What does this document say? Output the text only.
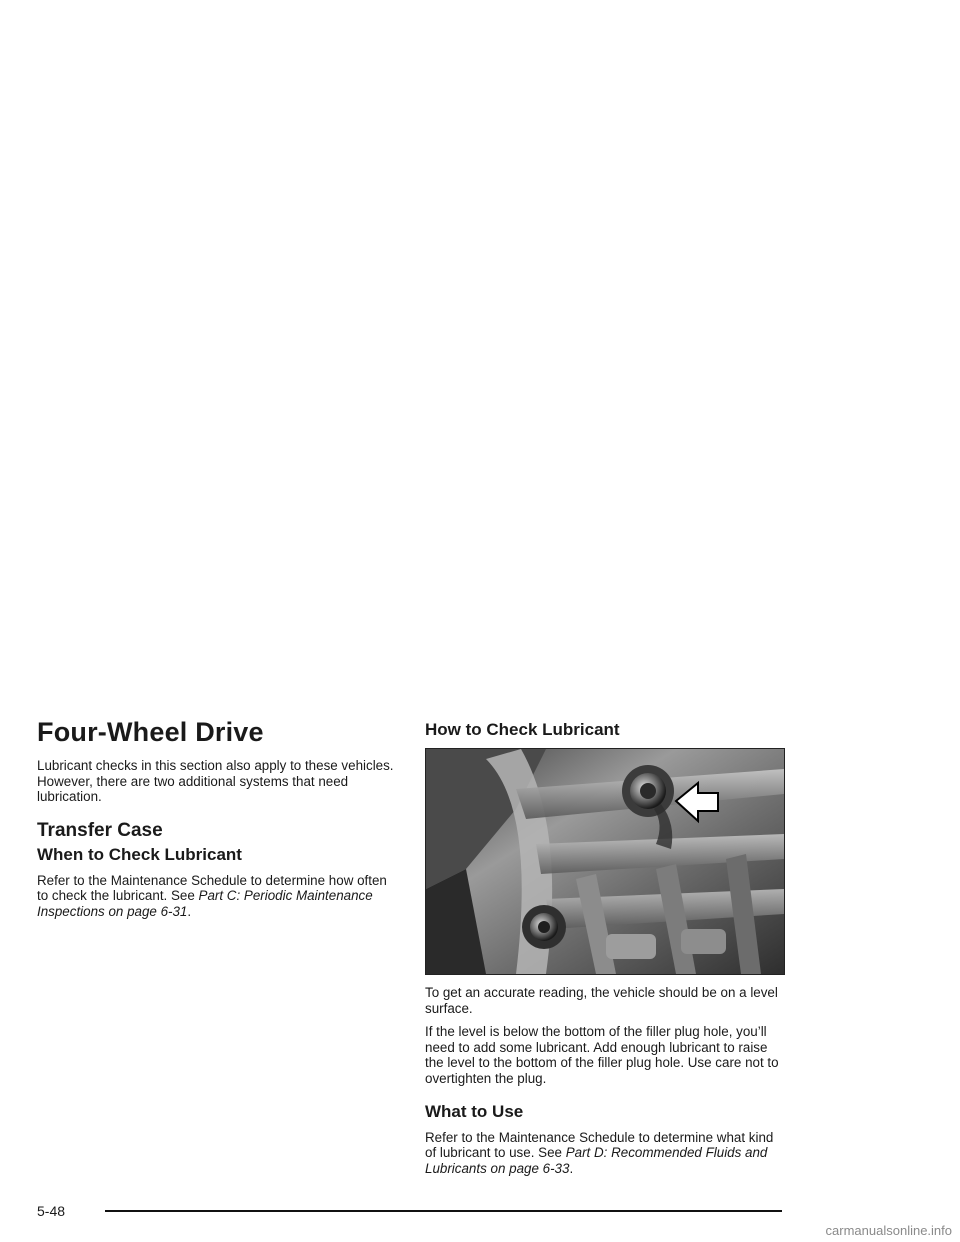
Four-Wheel Drive

Lubricant checks in this section also apply to these vehicles. However, there are two additional systems that need lubrication.

Transfer Case
When to Check Lubricant

Refer to the Maintenance Schedule to determine how often to check the lubricant. See Part C: Periodic Maintenance Inspections on page 6-31.

How to Check Lubricant

To get an accurate reading, the vehicle should be on a level surface.

If the level is below the bottom of the filler plug hole, you’ll need to add some lubricant. Add enough lubricant to raise the level to the bottom of the filler plug hole. Use care not to overtighten the plug.

What to Use

Refer to the Maintenance Schedule to determine what kind of lubricant to use. See Part D: Recommended Fluids and Lubricants on page 6-33.

5-48
carmanualsonline.info
